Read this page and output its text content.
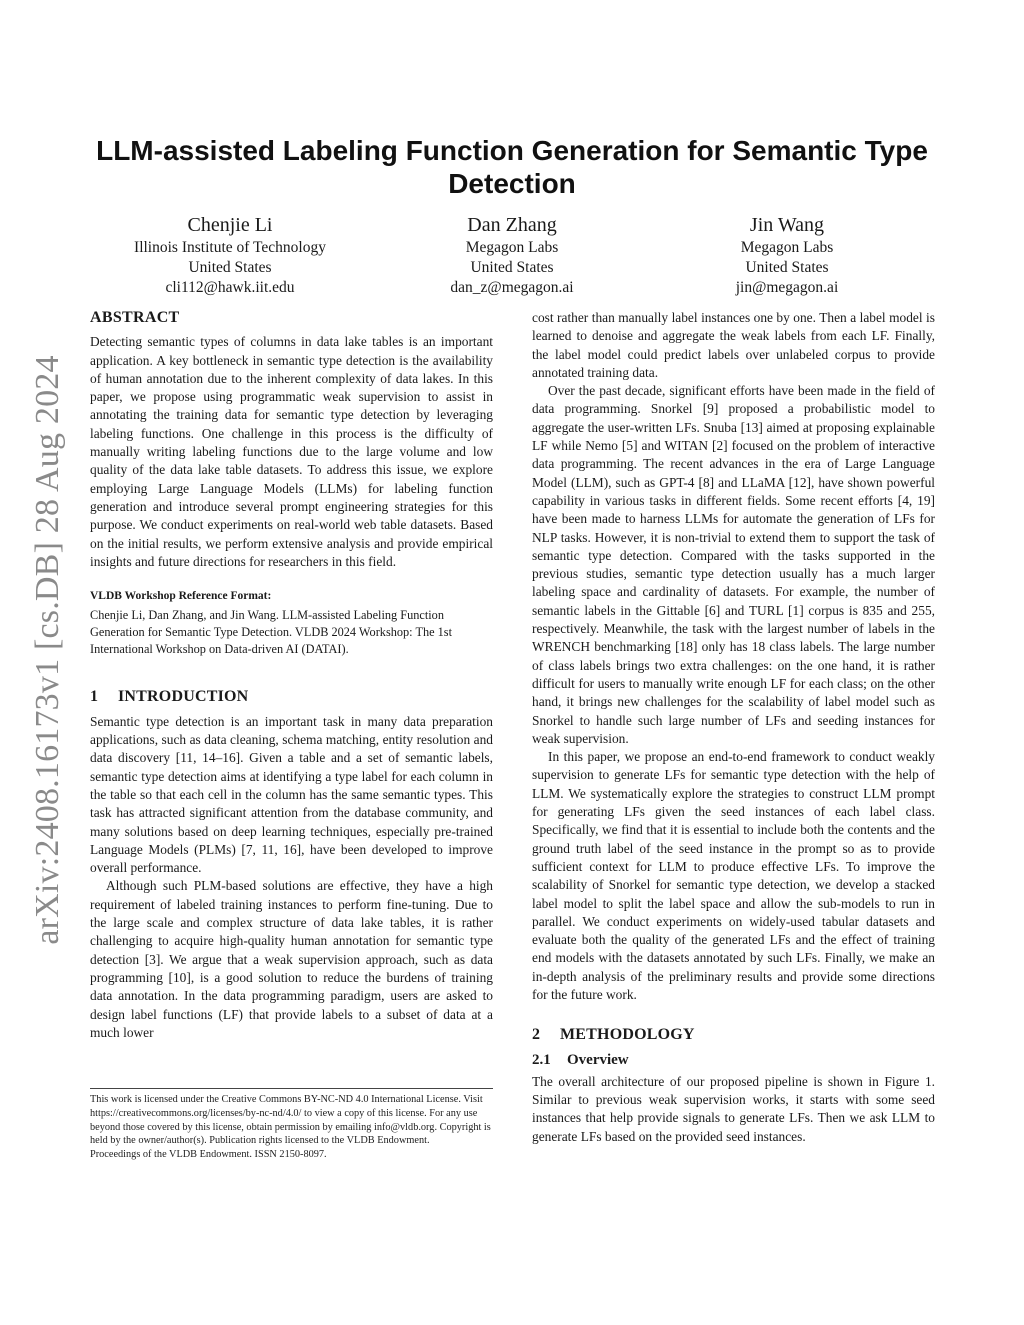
arXiv:2408.16173v1 [cs.DB] 28 Aug 2024
LLM-assisted Labeling Function Generation for Semantic Type Detection
Chenjie Li
Illinois Institute of Technology
United States
cli112@hawk.iit.edu
Dan Zhang
Megagon Labs
United States
dan_z@megagon.ai
Jin Wang
Megagon Labs
United States
jin@megagon.ai
ABSTRACT

Detecting semantic types of columns in data lake tables is an important application. A key bottleneck in semantic type detection is the availability of human annotation due to the inherent complexity of data lakes. In this paper, we propose using programmatic weak supervision to assist in annotating the training data for semantic type detection by leveraging labeling functions. One challenge in this process is the difficulty of manually writing labeling functions due to the large volume and low quality of the data lake table datasets. To address this issue, we explore employing Large Language Models (LLMs) for labeling function generation and introduce several prompt engineering strategies for this purpose. We conduct experiments on real-world web table datasets. Based on the initial results, we perform extensive analysis and provide empirical insights and future directions for researchers in this field.

VLDB Workshop Reference Format:

Chenjie Li, Dan Zhang, and Jin Wang. LLM-assisted Labeling Function Generation for Semantic Type Detection. VLDB 2024 Workshop: The 1st International Workshop on Data-driven AI (DATAI).

1 INTRODUCTION

Semantic type detection is an important task in many data preparation applications, such as data cleaning, schema matching, entity resolution and data discovery [11, 14–16]. Given a table and a set of semantic labels, semantic type detection aims at identifying a type label for each column in the table so that each cell in the column has the same semantic types. This task has attracted significant attention from the database community, and many solutions based on deep learning techniques, especially pre-trained Language Models (PLMs) [7, 11, 16], have been developed to improve overall performance.

Although such PLM-based solutions are effective, they have a high requirement of labeled training instances to perform fine-tuning. Due to the large scale and complex structure of data lake tables, it is rather challenging to acquire high-quality human annotation for semantic type detection [3]. We argue that a weak supervision approach, such as data programming [10], is a good solution to reduce the burdens of training data annotation. In the data programming paradigm, users are asked to design label functions (LF) that provide labels to a subset of data at a much lower

This work is licensed under the Creative Commons BY-NC-ND 4.0 International License. Visit https://creativecommons.org/licenses/by-nc-nd/4.0/ to view a copy of this license. For any use beyond those covered by this license, obtain permission by emailing info@vldb.org. Copyright is held by the owner/author(s). Publication rights licensed to the VLDB Endowment.

Proceedings of the VLDB Endowment. ISSN 2150-8097.

cost rather than manually label instances one by one. Then a label model is learned to denoise and aggregate the weak labels from each LF. Finally, the label model could predict labels over unlabeled corpus to provide annotated training data.

Over the past decade, significant efforts have been made in the field of data programming. Snorkel [9] proposed a probabilistic model to aggregate the user-written LFs. Snuba [13] aimed at proposing explainable LF while Nemo [5] and WITAN [2] focused on the problem of interactive data programming. The recent advances in the era of Large Language Model (LLM), such as GPT-4 [8] and LLaMA [12], have shown powerful capability in various tasks in different fields. Some recent efforts [4, 19] have been made to harness LLMs for automate the generation of LFs for NLP tasks. However, it is non-trivial to extend them to support the task of semantic type detection. Compared with the tasks supported in the previous studies, semantic type detection usually has a much larger labeling space and cardinality of datasets. For example, the number of semantic labels in the Gittable [6] and TURL [1] corpus is 835 and 255, respectively. Meanwhile, the task with the largest number of labels in the WRENCH benchmarking [18] only has 18 class labels. The large number of class labels brings two extra challenges: on the one hand, it is rather difficult for users to manually write enough LF for each class; on the other hand, it brings new challenges for the scalability of label model such as Snorkel to handle such large number of LFs and seeding instances for weak supervision.

In this paper, we propose an end-to-end framework to conduct weakly supervision to generate LFs for semantic type detection with the help of LLM. We systematically explore the strategies to construct LLM prompt for generating LFs given the seed instances of each label class. Specifically, we find that it is essential to include both the contents and the ground truth label of the seed instance in the prompt so as to provide sufficient context for LLM to produce effective LFs. To improve the scalability of Snorkel for semantic type detection, we develop a stacked label model to split the label space and allow the sub-models to run in parallel. We conduct experiments on widely-used tabular datasets and evaluate both the quality of the generated LFs and the effect of training end models with the datasets annotated by such LFs. Finally, we make an in-depth analysis of the preliminary results and provide some directions for the future work.

2 METHODOLOGY
2.1 Overview

The overall architecture of our proposed pipeline is shown in Figure 1. Similar to previous weak supervision works, it starts with some seed instances that help provide signals to generate LFs. Then we ask LLM to generate LFs based on the provided seed instances.
